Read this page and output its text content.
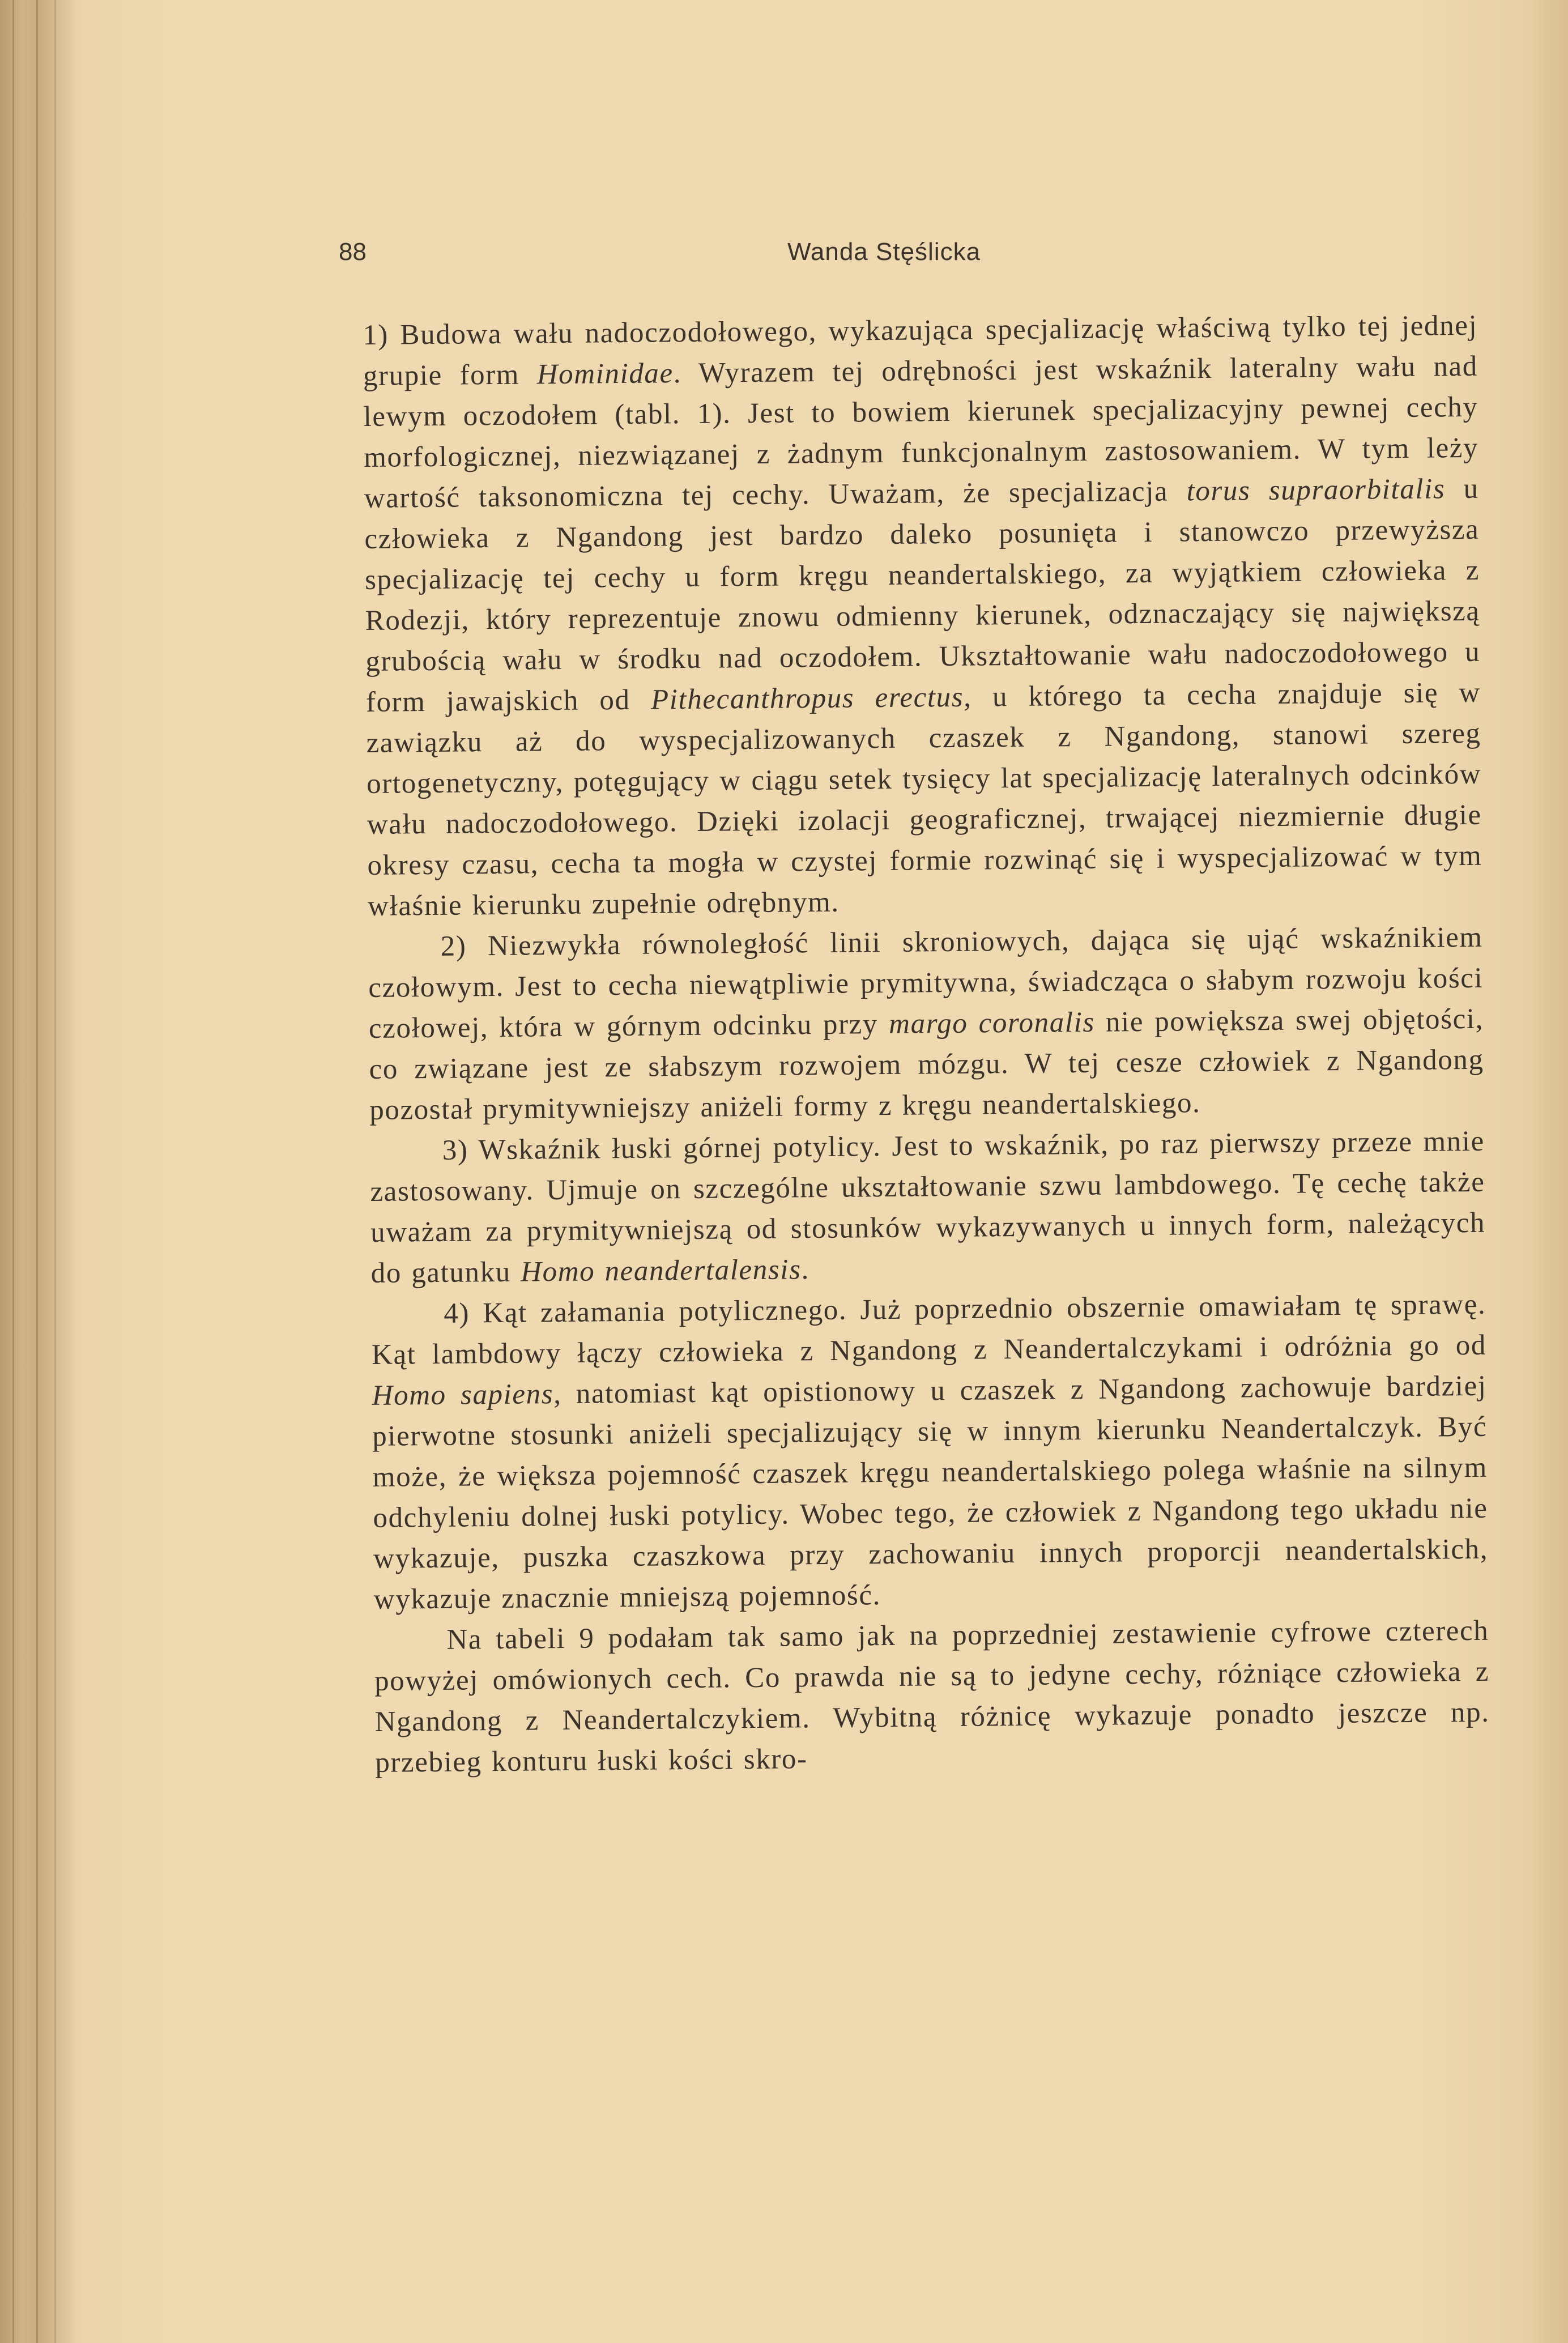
88	Wanda Stęślicka

1) Budowa wału nadoczodołowego, wykazująca specjalizację właściwą tylko tej jednej grupie form Hominidae. Wyrazem tej odrębności jest wskaźnik lateralny wału nad lewym oczodołem (tabl. 1). Jest to bowiem kierunek specjalizacyjny pewnej cechy morfologicznej, niezwiązanej z żadnym funkcjonalnym zastosowaniem. W tym leży wartość taksonomiczna tej cechy. Uważam, że specjalizacja torus supraorbitalis u człowieka z Ngandong jest bardzo daleko posunięta i stanowczo przewyższa specjalizację tej cechy u form kręgu neandertalskiego, za wyjątkiem człowieka z Rodezji, który reprezentuje znowu odmienny kierunek, odznaczający się największą grubością wału w środku nad oczodołem. Ukształtowanie wału nadoczodołowego u form jawajskich od Pithecanthropus erectus, u którego ta cecha znajduje się w zawiązku aż do wyspecjalizowanych czaszek z Ngandong, stanowi szereg ortogenetyczny, potęgujący w ciągu setek tysięcy lat specjalizację lateralnych odcinków wału nadoczodołowego. Dzięki izolacji geograficznej, trwającej niezmiernie długie okresy czasu, cecha ta mogła w czystej formie rozwinąć się i wyspecjalizować w tym właśnie kierunku zupełnie odrębnym.

2) Niezwykła równoległość linii skroniowych, dająca się ująć wskaźnikiem czołowym. Jest to cecha niewątpliwie prymitywna, świadcząca o słabym rozwoju kości czołowej, która w górnym odcinku przy margo coronalis nie powiększa swej objętości, co związane jest ze słabszym rozwojem mózgu. W tej cesze człowiek z Ngandong pozostał prymitywniejszy aniżeli formy z kręgu neandertalskiego.

3) Wskaźnik łuski górnej potylicy. Jest to wskaźnik, po raz pierwszy przeze mnie zastosowany. Ujmuje on szczególne ukształtowanie szwu lambdowego. Tę cechę także uważam za prymitywniejszą od stosunków wykazywanych u innych form, należących do gatunku Homo neandertalensis.

4) Kąt załamania potylicznego. Już poprzednio obszernie omawiałam tę sprawę. Kąt lambdowy łączy człowieka z Ngandong z Neandertalczykami i odróżnia go od Homo sapiens, natomiast kąt opistionowy u czaszek z Ngandong zachowuje bardziej pierwotne stosunki aniżeli specjalizujący się w innym kierunku Neandertalczyk. Być może, że większa pojemność czaszek kręgu neandertalskiego polega właśnie na silnym odchyleniu dolnej łuski potylicy. Wobec tego, że człowiek z Ngandong tego układu nie wykazuje, puszka czaszkowa przy zachowaniu innych proporcji neandertalskich, wykazuje znacznie mniejszą pojemność.

Na tabeli 9 podałam tak samo jak na poprzedniej zestawienie cyfrowe czterech powyżej omówionych cech. Co prawda nie są to jedyne cechy, różniące człowieka z Ngandong z Neandertalczykiem. Wybitną różnicę wykazuje ponadto jeszcze np. przebieg konturu łuski kości skro-
